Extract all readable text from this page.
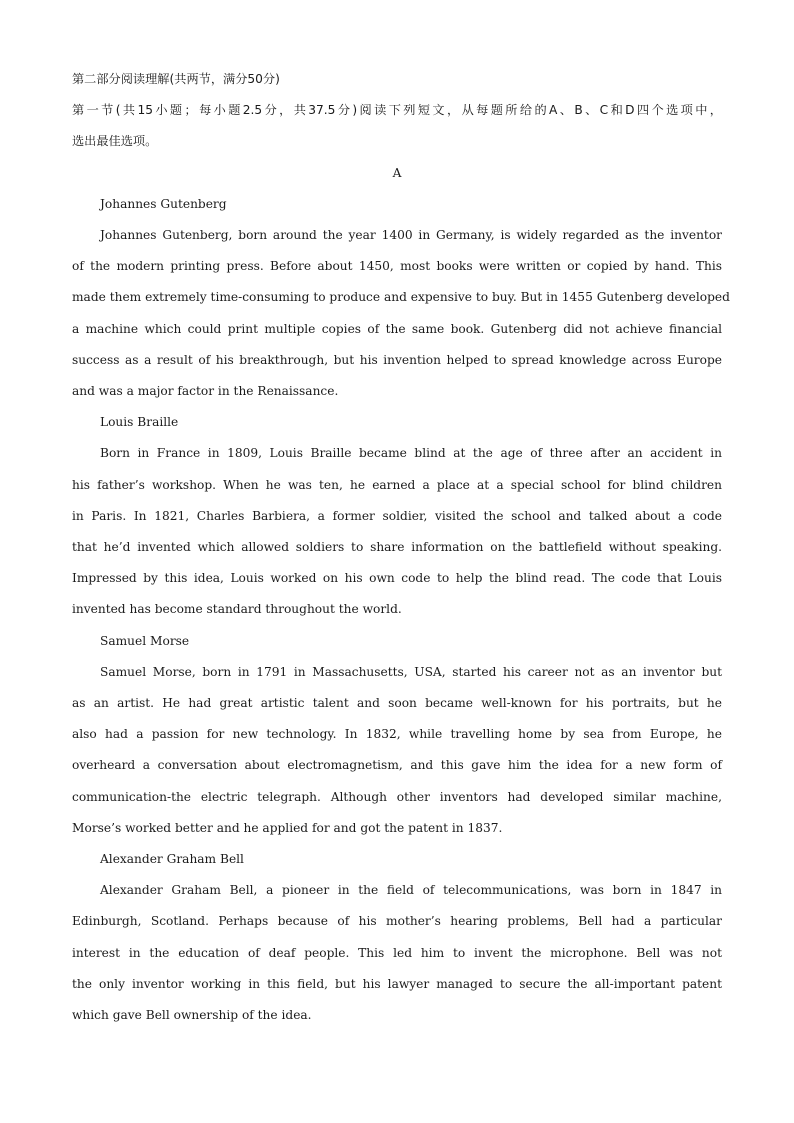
第二部分阅读理解(共两节，满分50分)
第一节(共15小题；每小题2.5分，共37.5分)阅读下列短文，从每题所给的A、B、C和D四个选项中，
选出最佳选项。
A
Johannes Gutenberg
Johannes Gutenberg, born around the year 1400 in Germany, is widely regarded as the inventor
of the modern printing press. Before about 1450, most books were written or copied by hand. This
made them extremely time-consuming to produce and expensive to buy. But in 1455 Gutenberg developed
a machine which could print multiple copies of the same book. Gutenberg did not achieve financial
success as a result of his breakthrough, but his invention helped to spread knowledge across Europe
and was a major factor in the Renaissance.
Louis Braille
Born in France in 1809, Louis Braille became blind at the age of three after an accident in
his father’s workshop. When he was ten, he earned a place at a special school for blind children
in Paris. In 1821, Charles Barbiera, a former soldier, visited the school and talked about a code
that he’d invented which allowed soldiers to share information on the battlefield without speaking.
Impressed by this idea, Louis worked on his own code to help the blind read. The code that Louis
invented has become standard throughout the world.
Samuel Morse
Samuel Morse, born in 1791 in Massachusetts, USA, started his career not as an inventor but
as an artist. He had great artistic talent and soon became well-known for his portraits, but he
also had a passion for new technology. In 1832, while travelling home by sea from Europe, he
overheard a conversation about electromagnetism, and this gave him the idea for a new form of
communication-the electric telegraph. Although other inventors had developed similar machine,
Morse’s worked better and he applied for and got the patent in 1837.
Alexander Graham Bell
Alexander Graham Bell, a pioneer in the field of telecommunications, was born in 1847 in
Edinburgh, Scotland. Perhaps because of his mother’s hearing problems, Bell had a particular
interest in the education of deaf people. This led him to invent the microphone. Bell was not
the only inventor working in this field, but his lawyer managed to secure the all-important patent
which gave Bell ownership of the idea.
